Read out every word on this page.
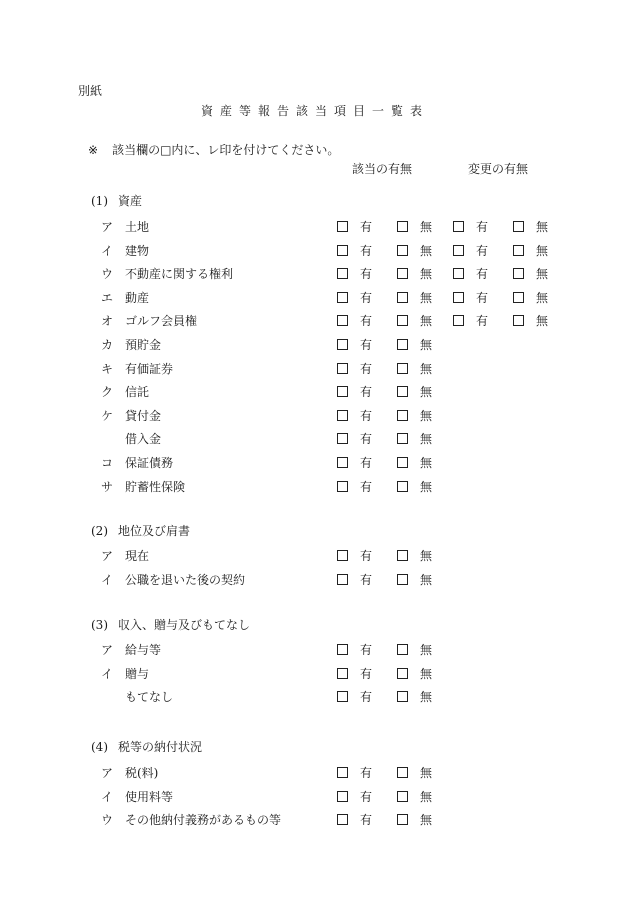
別紙
資産等報告該当項目一覧表
※ 該当欄の□内に、レ印を付けてください。
該当の有無	変更の有無
(1) 資産
ア 土地	有	無	有	無
イ 建物	有	無	有	無
ウ 不動産に関する権利	有	無	有	無
エ 動産	有	無	有	無
オ ゴルフ会員権	有	無	有	無
カ 預貯金	有	無
キ 有価証券	有	無
ク 信託	有	無
ケ 貸付金	有	無
借入金	有	無
コ 保証債務	有	無
サ 貯蓄性保険	有	無
(2) 地位及び肩書
ア 現在	有	無
イ 公職を退いた後の契約	有	無
(3) 収入、贈与及びもてなし
ア 給与等	有	無
イ 贈与	有	無
もてなし	有	無
(4) 税等の納付状況
ア 税(料)	有	無
イ 使用料等	有	無
ウ その他納付義務があるもの等	有	無
